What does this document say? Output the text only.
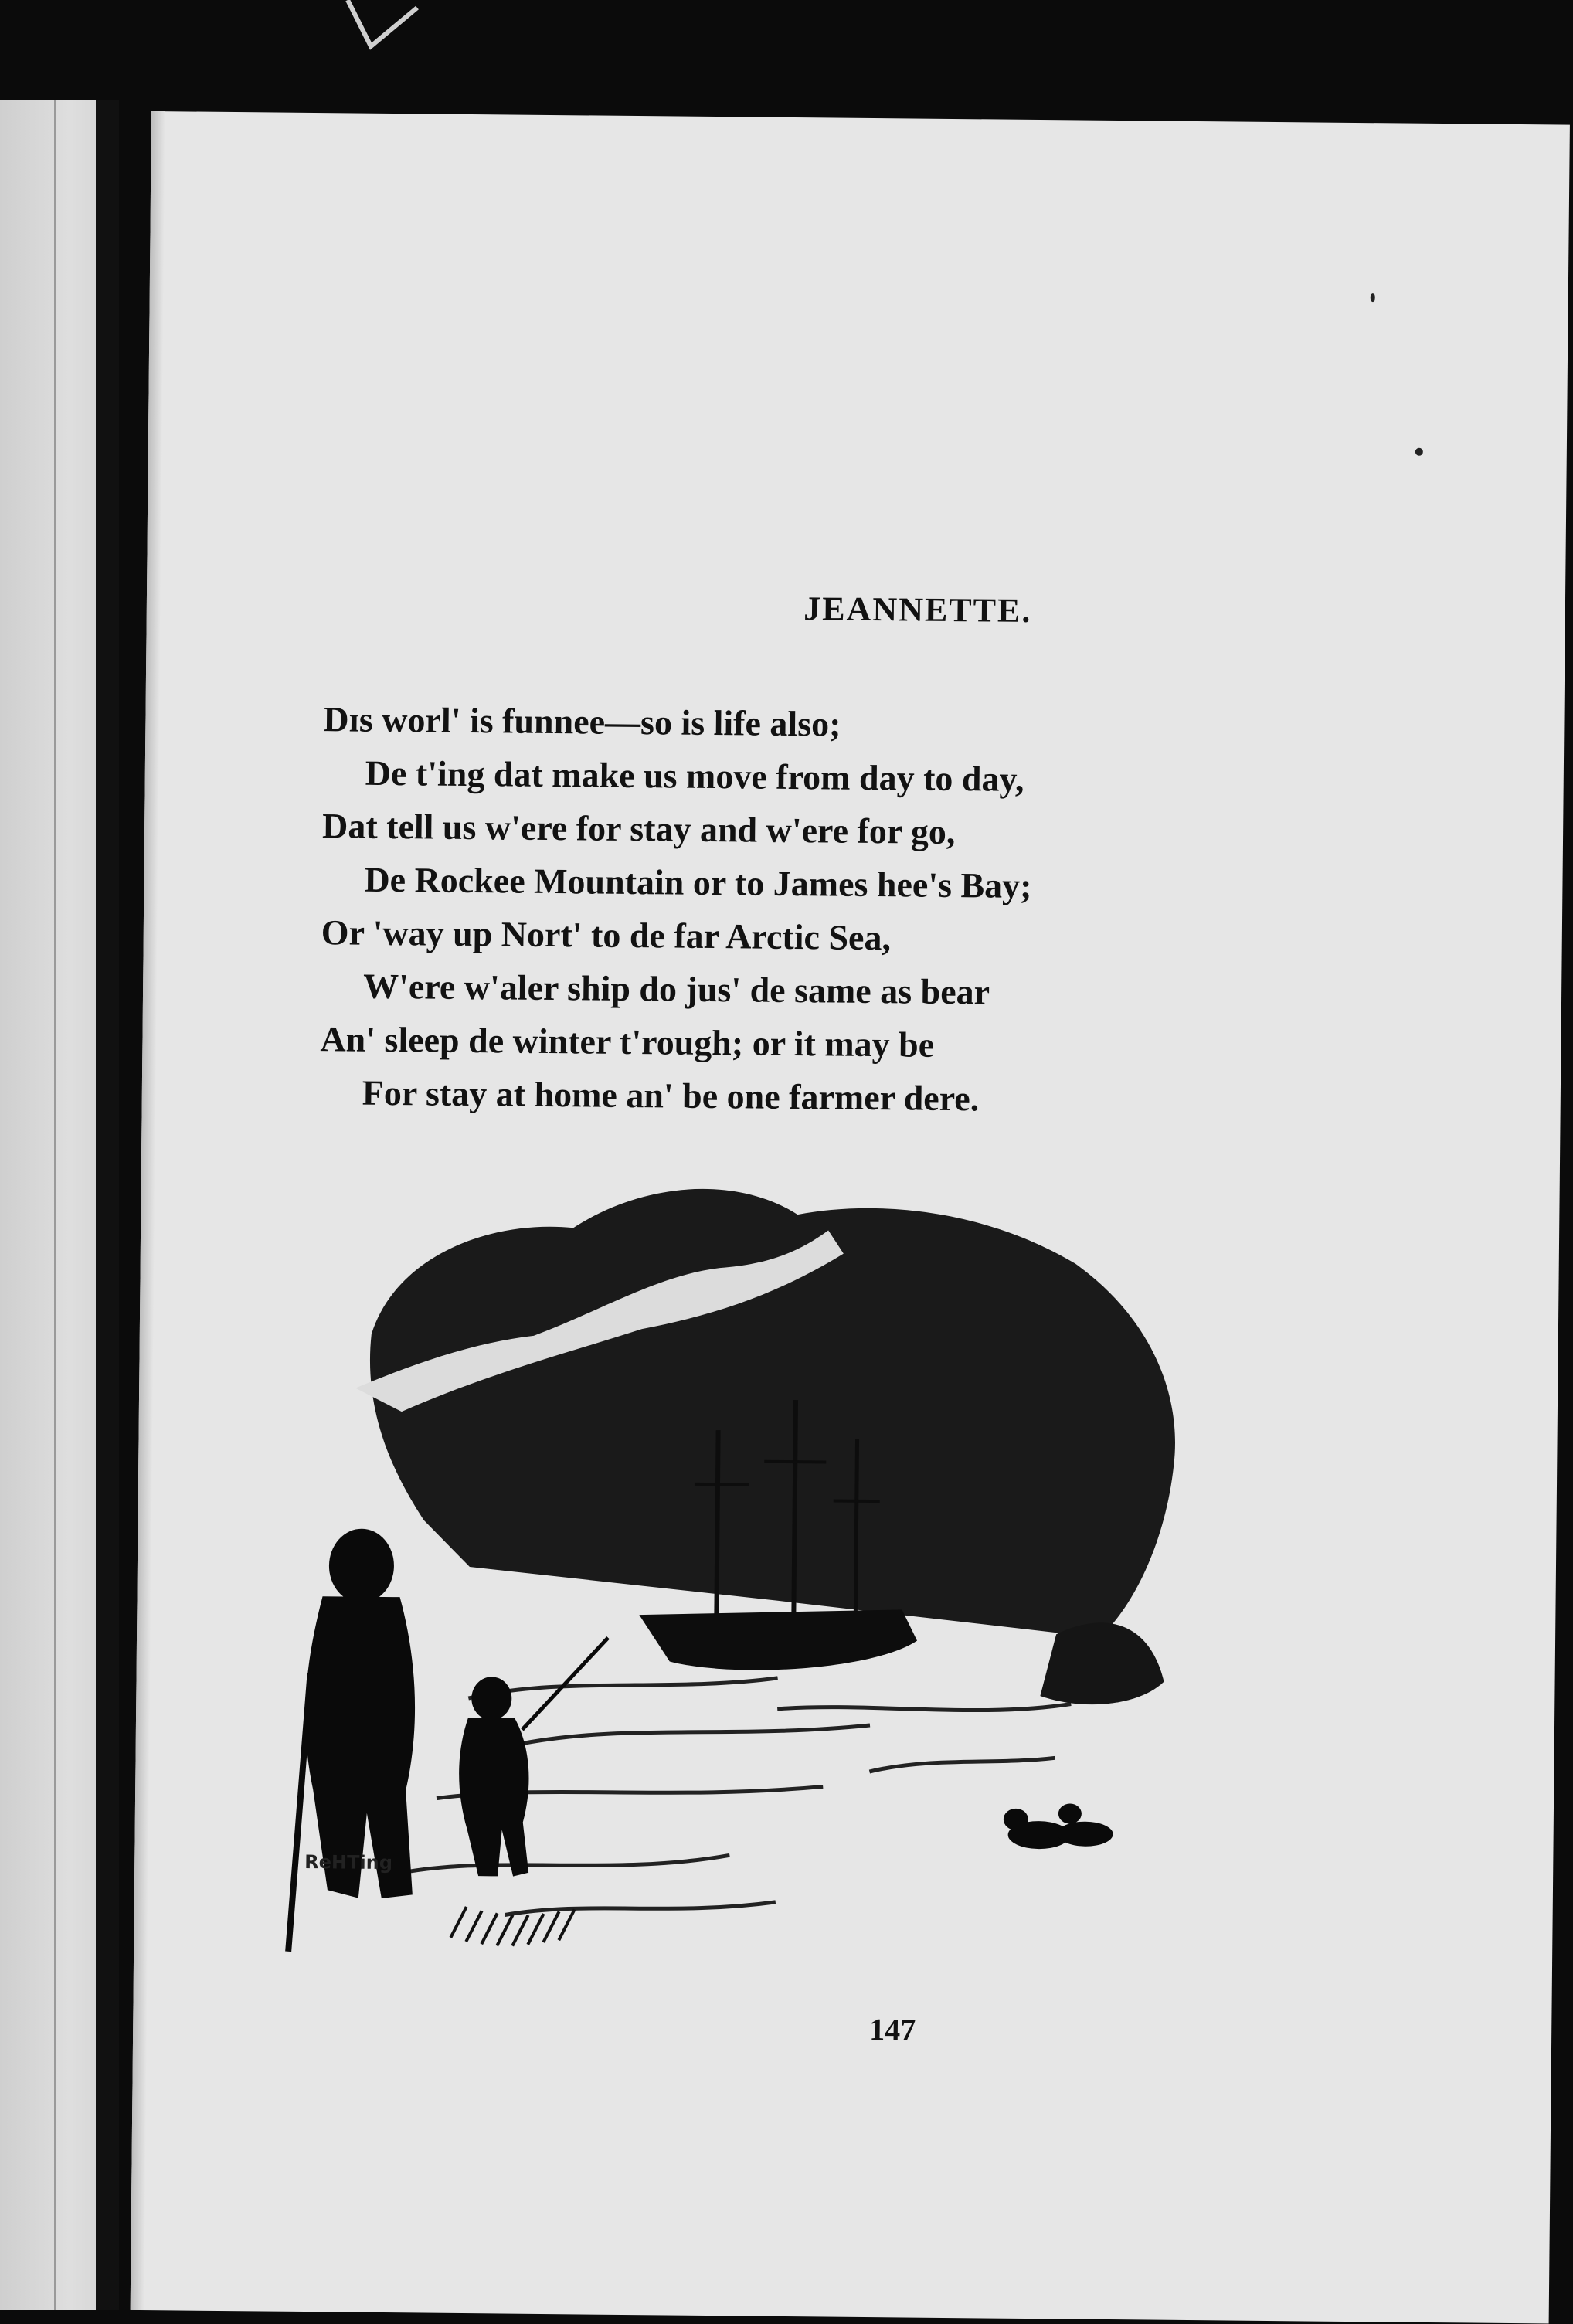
JEANNETTE.
Dɪs worl' is funnee—so is life also;
De t'ing dat make us move from day to day,
Dat tell us w'ere for stay and w'ere for go,
De Rockee Mountain or to James hee's Bay;
Or 'way up Nort' to de far Arctic Sea,
W'ere w'aler ship do jus' de same as bear
An' sleep de winter t'rough; or it may be
For stay at home an' be one farmer dere.
ReHTing
147
